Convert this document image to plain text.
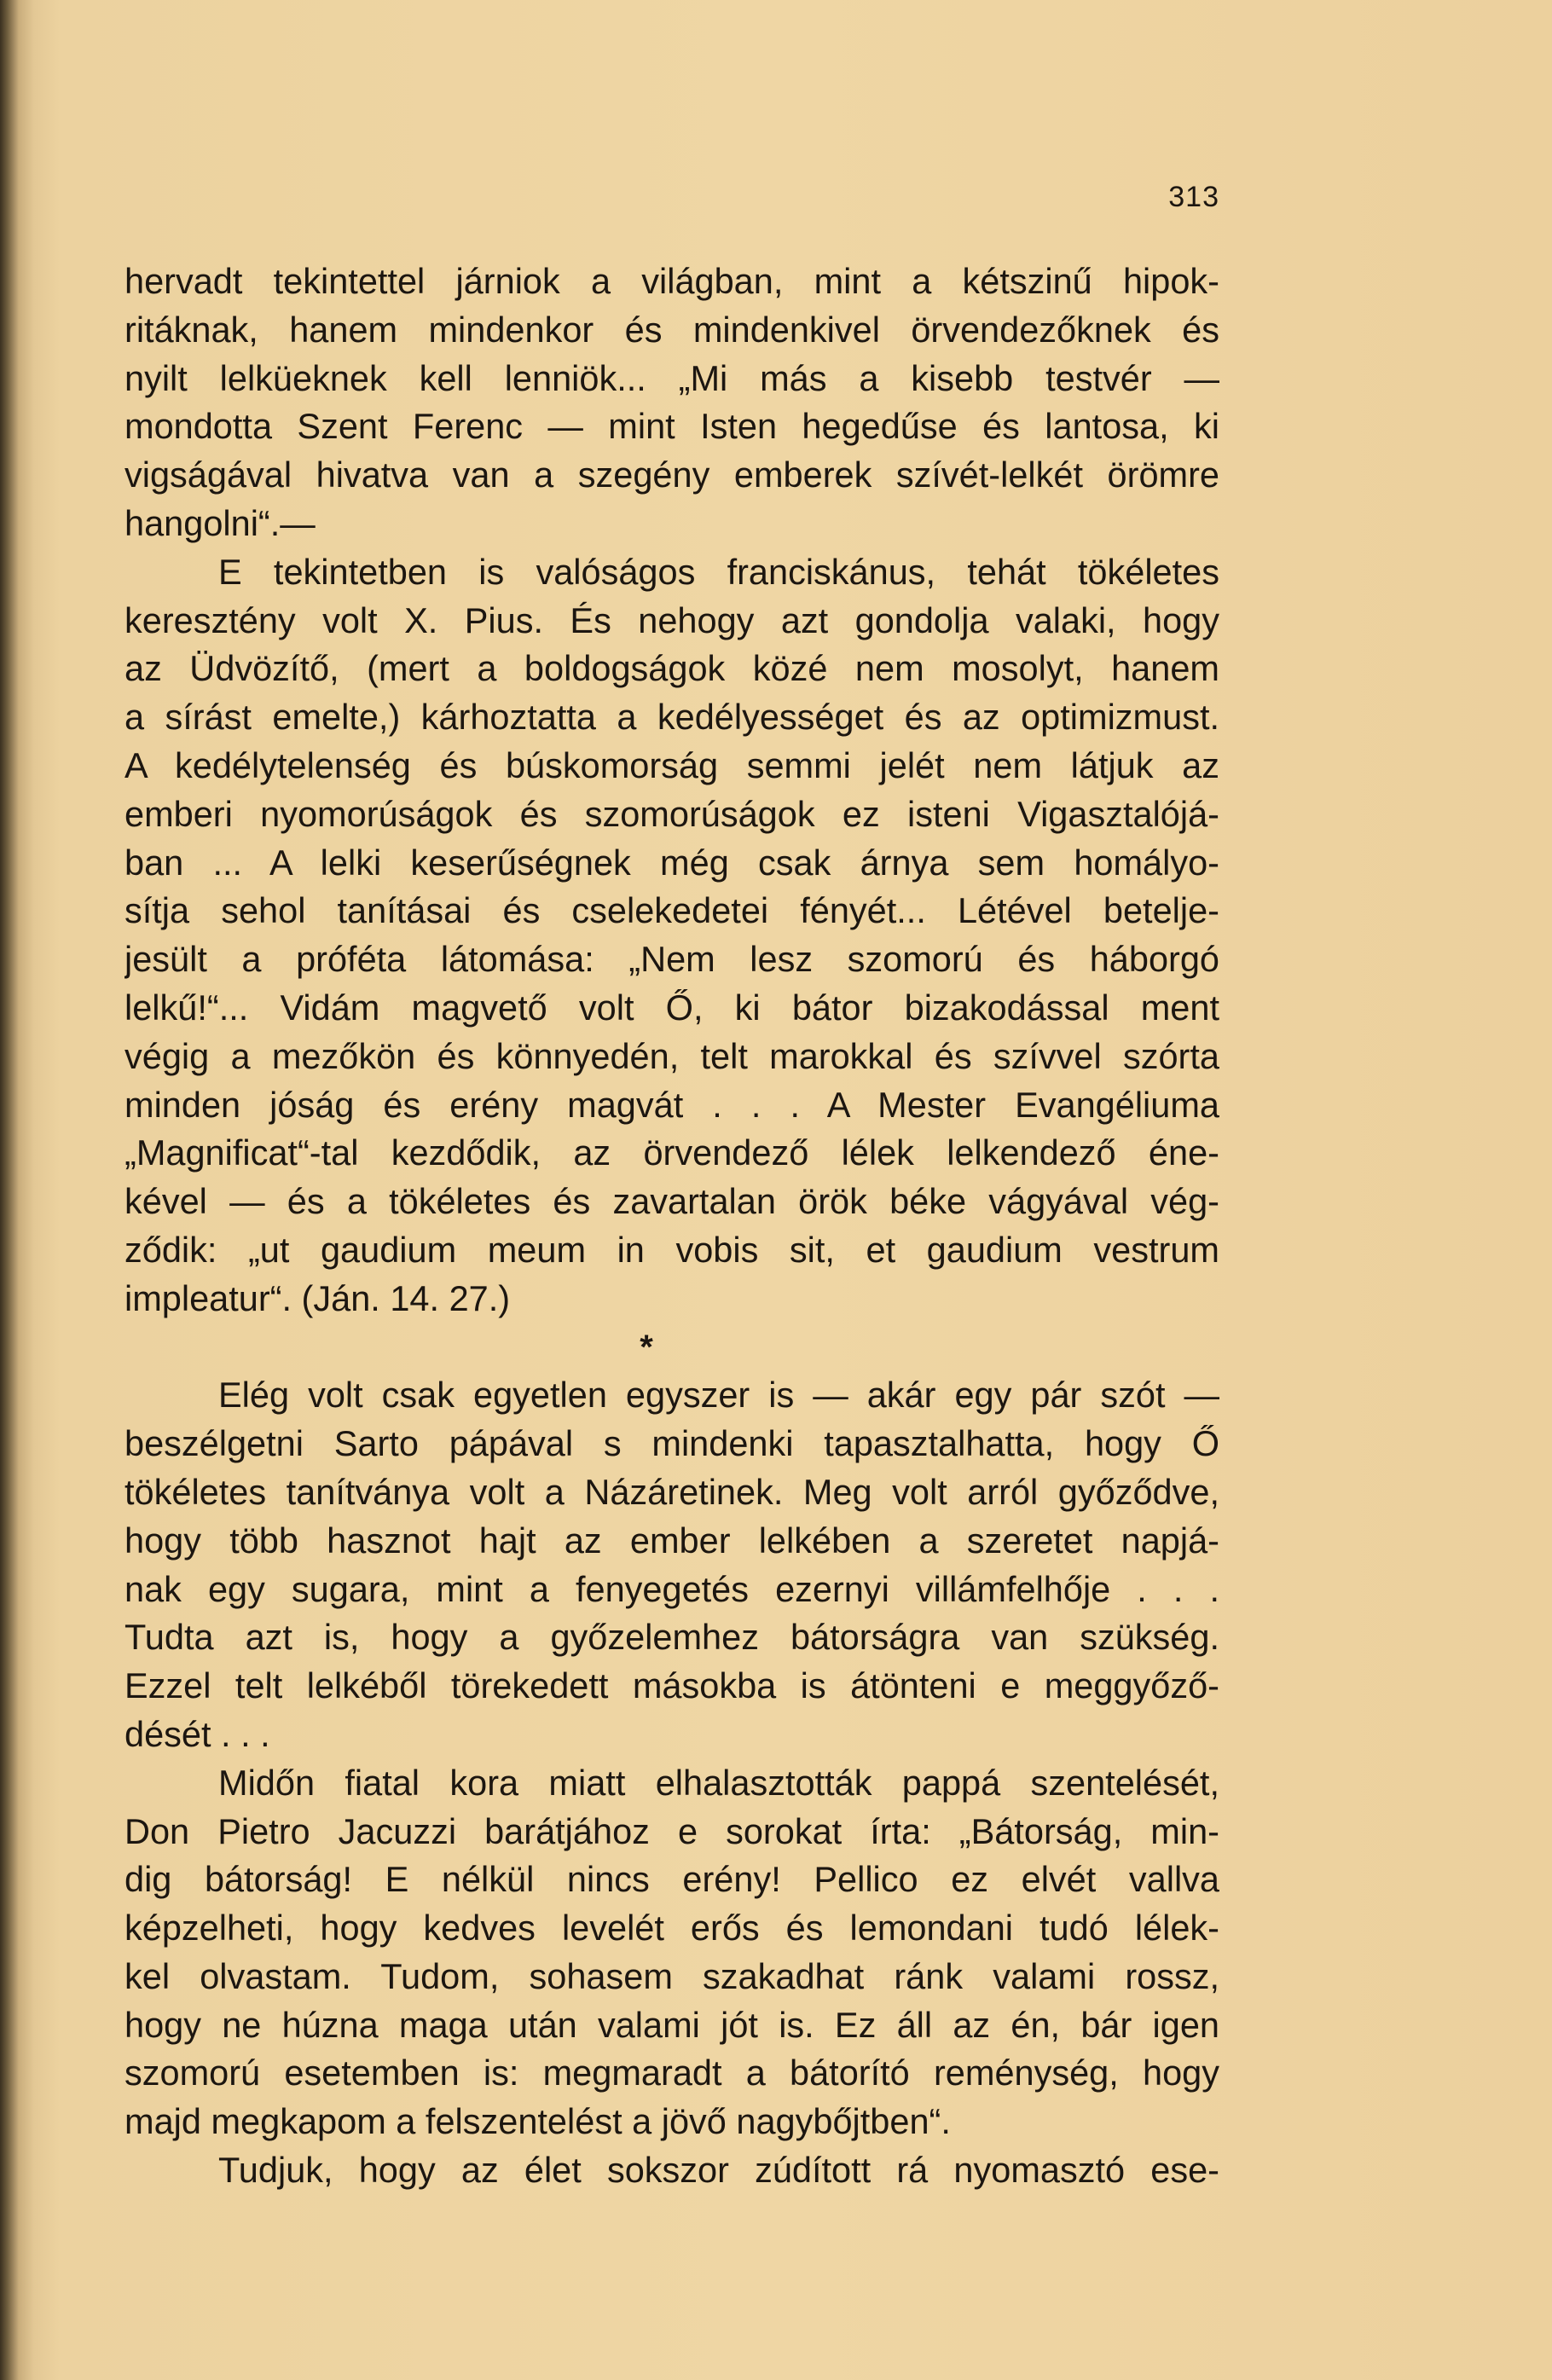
313
hervadt tekintettel járniok a világban, mint a kétszinű hipok-
ritáknak, hanem mindenkor és mindenkivel örvendezőknek és
nyilt lelküeknek kell lenniök... „Mi más a kisebb testvér —
mondotta Szent Ferenc — mint Isten hegedűse és lantosa, ki
vigságával hivatva van a szegény emberek szívét-lelkét örömre
hangolni“.—
E tekintetben is valóságos franciskánus, tehát tökéletes
keresztény volt X. Pius. És nehogy azt gondolja valaki, hogy
az Üdvözítő, (mert a boldogságok közé nem mosolyt, hanem
a sírást emelte,) kárhoztatta a kedélyességet és az optimizmust.
A kedélytelenség és búskomorság semmi jelét nem látjuk az
emberi nyomorúságok és szomorúságok ez isteni Vigasztalójá-
ban ... A lelki keserűségnek még csak árnya sem homályo-
sítja sehol tanításai és cselekedetei fényét... Létével betelje-
jesült a próféta látomása: „Nem lesz szomorú és háborgó
lelkű!“... Vidám magvető volt Ő, ki bátor bizakodással ment
végig a mezőkön és könnyedén, telt marokkal és szívvel szórta
minden jóság és erény magvát . . . A Mester Evangéliuma
„Magnificat“-tal kezdődik, az örvendező lélek lelkendező éne-
kével — és a tökéletes és zavartalan örök béke vágyával vég-
ződik: „ut gaudium meum in vobis sit, et gaudium vestrum
impleatur“. (Ján. 14. 27.)
*
Elég volt csak egyetlen egyszer is — akár egy pár szót —
beszélgetni Sarto pápával s mindenki tapasztalhatta, hogy Ő
tökéletes tanítványa volt a Názáretinek. Meg volt arról győződve,
hogy több hasznot hajt az ember lelkében a szeretet napjá-
nak egy sugara, mint a fenyegetés ezernyi villámfelhője . . .
Tudta azt is, hogy a győzelemhez bátorságra van szükség.
Ezzel telt lelkéből törekedett másokba is átönteni e meggyőző-
dését . . .
Midőn fiatal kora miatt elhalasztották pappá szentelését,
Don Pietro Jacuzzi barátjához e sorokat írta: „Bátorság, min-
dig bátorság! E nélkül nincs erény! Pellico ez elvét vallva
képzelheti, hogy kedves levelét erős és lemondani tudó lélek-
kel olvastam. Tudom, sohasem szakadhat ránk valami rossz,
hogy ne húzna maga után valami jót is. Ez áll az én, bár igen
szomorú esetemben is: megmaradt a bátorító reménység, hogy
majd megkapom a felszentelést a jövő nagybőjtben“.
Tudjuk, hogy az élet sokszor zúdított rá nyomasztó ese-
